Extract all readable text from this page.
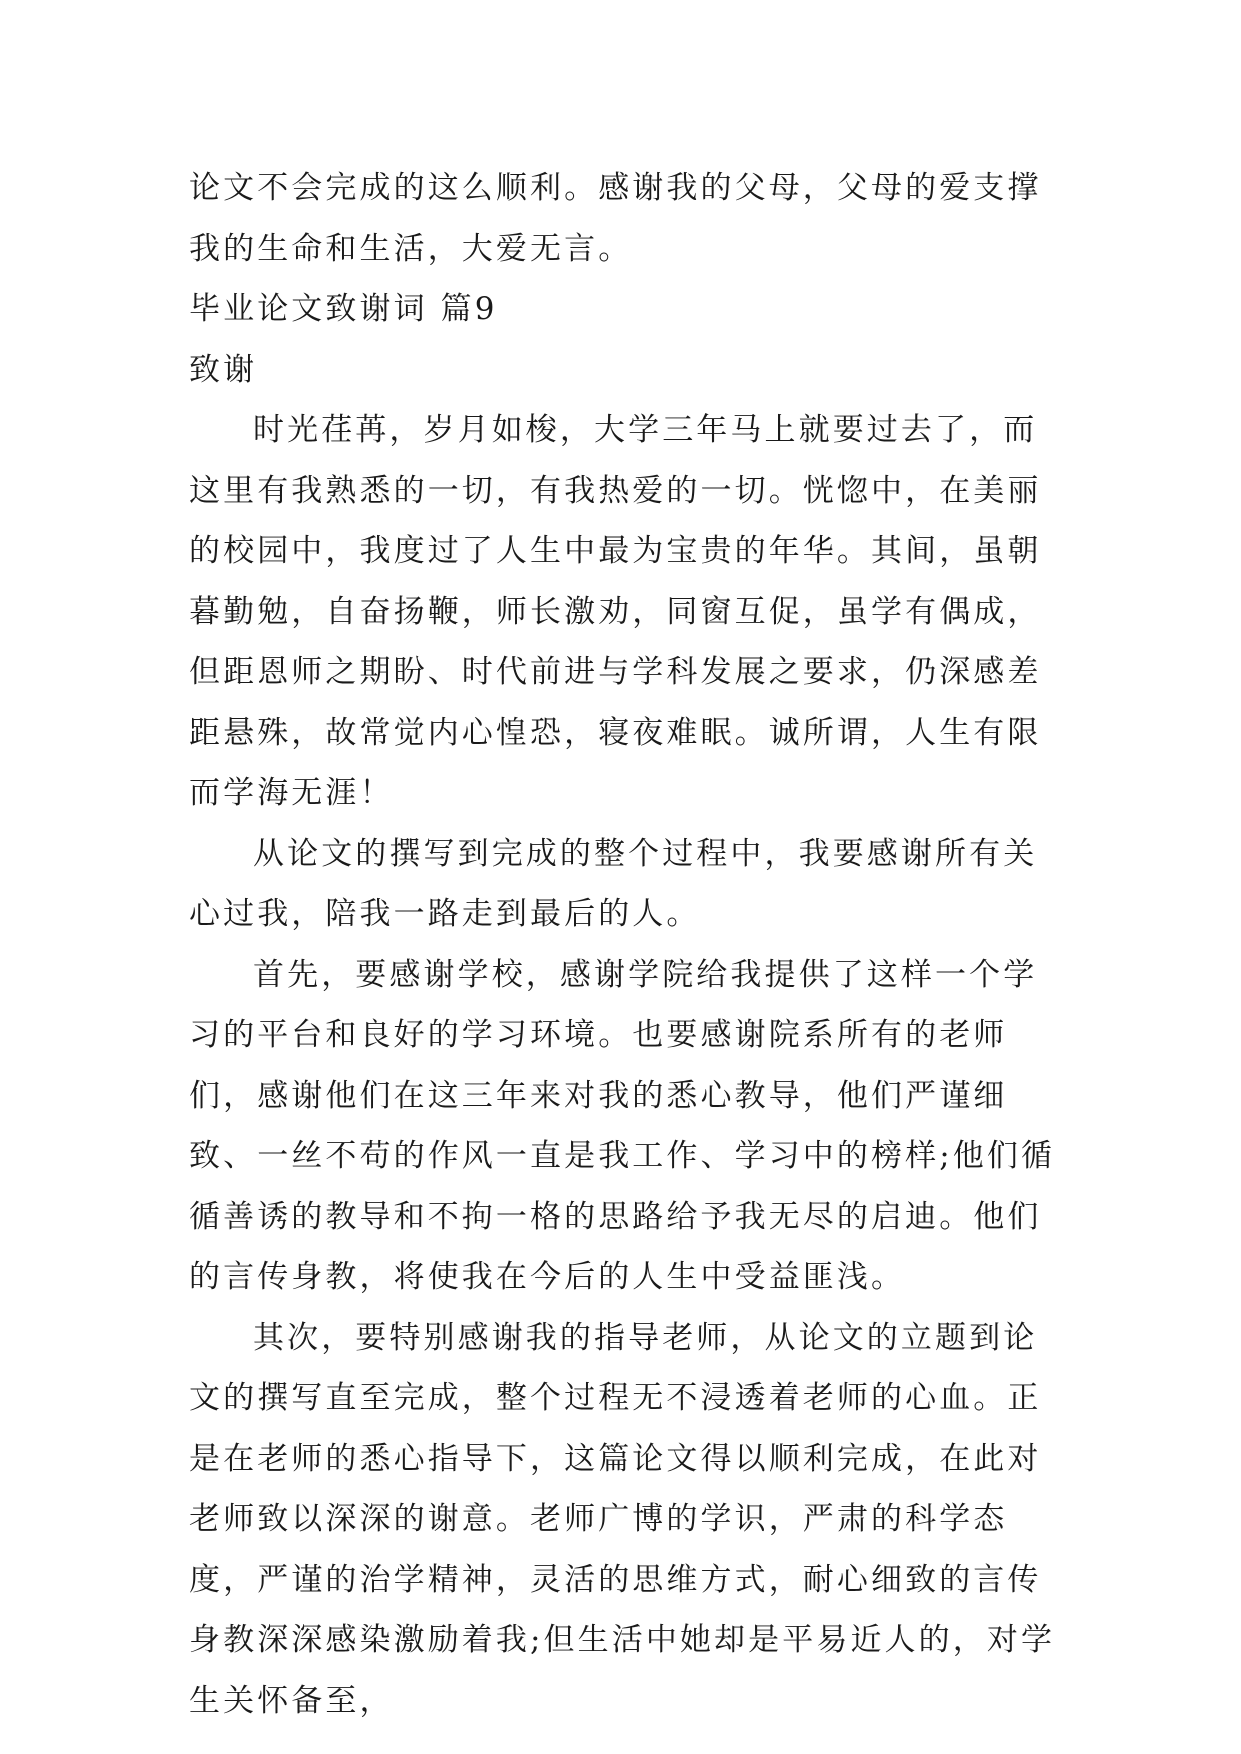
论文不会完成的这么顺利。感谢我的父母，父母的爱支撑我的生命和生活，大爱无言。

毕业论文致谢词 篇9

致谢

时光荏苒，岁月如梭，大学三年马上就要过去了，而这里有我熟悉的一切，有我热爱的一切。恍惚中，在美丽的校园中，我度过了人生中最为宝贵的年华。其间，虽朝暮勤勉，自奋扬鞭，师长激劝，同窗互促，虽学有偶成，但距恩师之期盼、时代前进与学科发展之要求，仍深感差距悬殊，故常觉内心惶恐，寝夜难眠。诚所谓，人生有限而学海无涯！

从论文的撰写到完成的整个过程中，我要感谢所有关心过我，陪我一路走到最后的人。

首先，要感谢学校，感谢学院给我提供了这样一个学习的平台和良好的学习环境。也要感谢院系所有的老师们，感谢他们在这三年来对我的悉心教导，他们严谨细致、一丝不苟的作风一直是我工作、学习中的榜样;他们循循善诱的教导和不拘一格的思路给予我无尽的启迪。他们的言传身教，将使我在今后的人生中受益匪浅。

其次，要特别感谢我的指导老师，从论文的立题到论文的撰写直至完成，整个过程无不浸透着老师的心血。正是在老师的悉心指导下，这篇论文得以顺利完成，在此对老师致以深深的谢意。老师广博的学识，严肃的科学态度，严谨的治学精神，灵活的思维方式，耐心细致的言传身教深深感染激励着我;但生活中她却是平易近人的，对学生关怀备至，
